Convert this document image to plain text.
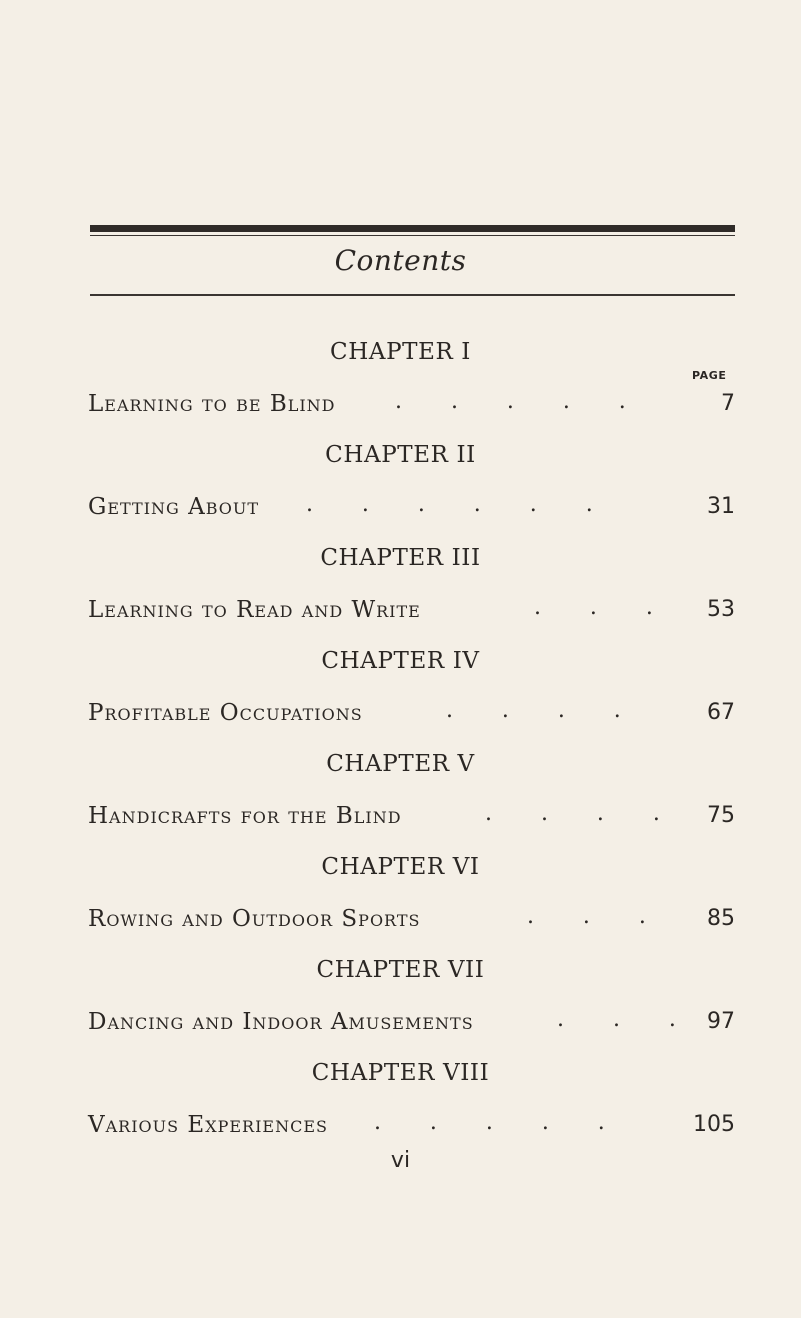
Contents
PAGE
CHAPTER I
Learning to be Blind .       .       .       .       .	7
CHAPTER II
Getting About .       .       .       .       .       .	31
CHAPTER III
Learning to Read and Write	.       .       . 53
CHAPTER IV
Profitable Occupations	.       .       .       .	67
CHAPTER V
Handicrafts for the Blind	.       .       .       . 75
CHAPTER VI
Rowing and Outdoor Sports	.       .       .	85
CHAPTER VII
Dancing and Indoor Amusements	.       .       . 97
CHAPTER VIII
Various Experiences .       .       .       .       .	105
vi
